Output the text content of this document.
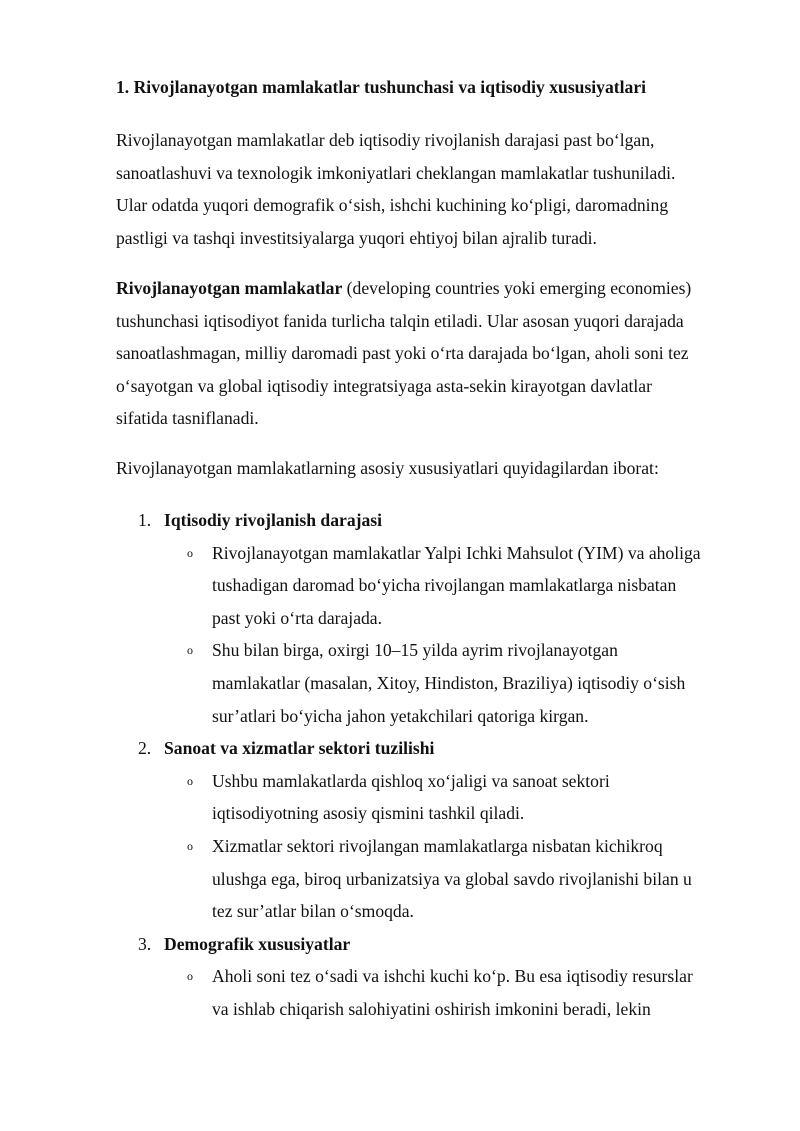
1. Rivojlanayotgan mamlakatlar tushunchasi va iqtisodiy xususiyatlari

Rivojlanayotgan mamlakatlar deb iqtisodiy rivojlanish darajasi past boʻlgan,
sanoatlashuvi va texnologik imkoniyatlari cheklangan mamlakatlar tushuniladi.
Ular odatda yuqori demografik oʻsish, ishchi kuchining koʻpligi, daromadning
pastligi va tashqi investitsiyalarga yuqori ehtiyoj bilan ajralib turadi.

Rivojlanayotgan mamlakatlar (developing countries yoki emerging economies)
tushunchasi iqtisodiyot fanida turlicha talqin etiladi. Ular asosan yuqori darajada
sanoatlashmagan, milliy daromadi past yoki oʻrta darajada boʻlgan, aholi soni tez
oʻsayotgan va global iqtisodiy integratsiyaga asta-sekin kirayotgan davlatlar
sifatida tasniflanadi.

Rivojlanayotgan mamlakatlarning asosiy xususiyatlari quyidagilardan iborat:

1. Iqtisodiy rivojlanish darajasi
o Rivojlanayotgan mamlakatlar Yalpi Ichki Mahsulot (YIM) va aholiga
tushadigan daromad boʻyicha rivojlangan mamlakatlarga nisbatan
past yoki oʻrta darajada.
o Shu bilan birga, oxirgi 10–15 yilda ayrim rivojlanayotgan
mamlakatlar (masalan, Xitoy, Hindiston, Braziliya) iqtisodiy oʻsish
sur’atlari boʻyicha jahon yetakchilari qatoriga kirgan.
2. Sanoat va xizmatlar sektori tuzilishi
o Ushbu mamlakatlarda qishloq xoʻjaligi va sanoat sektori
iqtisodiyotning asosiy qismini tashkil qiladi.
o Xizmatlar sektori rivojlangan mamlakatlarga nisbatan kichikroq
ulushga ega, biroq urbanizatsiya va global savdo rivojlanishi bilan u
tez sur’atlar bilan oʻsmoqda.
3. Demografik xususiyatlar
o Aholi soni tez oʻsadi va ishchi kuchi koʻp. Bu esa iqtisodiy resurslar
va ishlab chiqarish salohiyatini oshirish imkonini beradi, lekin
